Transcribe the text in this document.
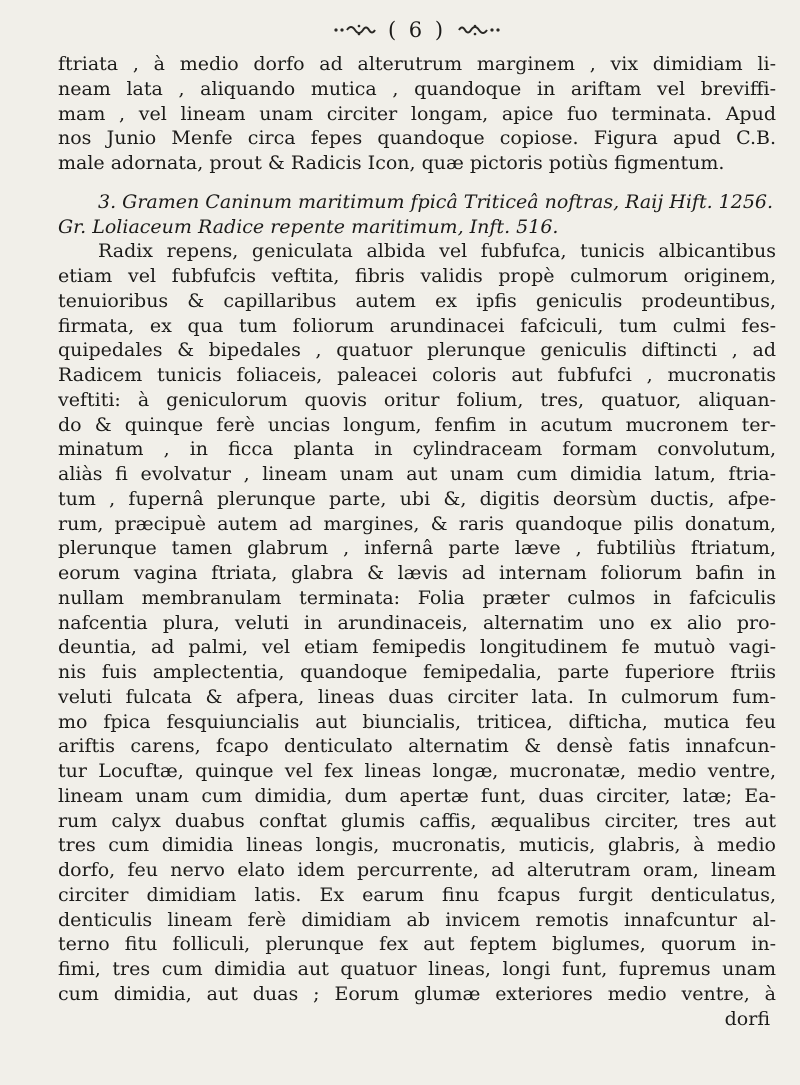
( 6 )
ftriata , à medio dorfo ad alterutrum marginem , vix dimidiam li-
neam lata , aliquando mutica , quandoque in ariftam vel breviffi-
mam , vel lineam unam circiter longam, apice fuo terminata. Apud
nos Junio Menfe circa fepes quandoque copiose. Figura apud C.B.
male adornata, prout & Radicis Icon, quæ pictoris potiùs figmentum.
3. Gramen Caninum maritimum fpicâ Triticeâ noftras, Raij Hift. 1256.
Gr. Loliaceum Radice repente maritimum, Inft. 516.
Radix repens, geniculata albida vel fubfufca, tunicis albicantibus
etiam vel fubfufcis veftita, fibris validis propè culmorum originem,
tenuioribus & capillaribus autem ex ipfis geniculis prodeuntibus,
firmata, ex qua tum foliorum arundinacei fafciculi, tum culmi fes-
quipedales & bipedales , quatuor plerunque geniculis diftincti , ad
Radicem tunicis foliaceis, paleacei coloris aut fubfufci , mucronatis
veftiti: à geniculorum quovis oritur folium, tres, quatuor, aliquan-
do & quinque ferè uncias longum, fenfim in acutum mucronem ter-
minatum , in ficca planta in cylindraceam formam convolutum,
aliàs fi evolvatur , lineam unam aut unam cum dimidia latum, ftria-
tum , fupernâ plerunque parte, ubi &, digitis deorsùm ductis, afpe-
rum, præcipuè autem ad margines, & raris quandoque pilis donatum,
plerunque tamen glabrum , infernâ parte læve , fubtiliùs ftriatum,
eorum vagina ftriata, glabra & lævis ad internam foliorum bafin in
nullam membranulam terminata: Folia præter culmos in fafciculis
nafcentia plura, veluti in arundinaceis, alternatim uno ex alio pro-
deuntia, ad palmi, vel etiam femipedis longitudinem fe mutuò vagi-
nis fuis amplectentia, quandoque femipedalia, parte fuperiore ftriis
veluti fulcata & afpera, lineas duas circiter lata. In culmorum fum-
mo fpica fesquiuncialis aut biuncialis, triticea, difticha, mutica feu
ariftis carens, fcapo denticulato alternatim & densè fatis innafcun-
tur Locuftæ, quinque vel fex lineas longæ, mucronatæ, medio ventre,
lineam unam cum dimidia, dum apertæ funt, duas circiter, latæ; Ea-
rum calyx duabus conftat glumis caffis, æqualibus circiter, tres aut
tres cum dimidia lineas longis, mucronatis, muticis, glabris, à medio
dorfo, feu nervo elato idem percurrente, ad alterutram oram, lineam
circiter dimidiam latis. Ex earum finu fcapus furgit denticulatus,
denticulis lineam ferè dimidiam ab invicem remotis innafcuntur al-
terno fitu folliculi, plerunque fex aut feptem biglumes, quorum in-
fimi, tres cum dimidia aut quatuor lineas, longi funt, fupremus unam
cum dimidia, aut duas ; Eorum glumæ exteriores medio ventre, à
dorfi
